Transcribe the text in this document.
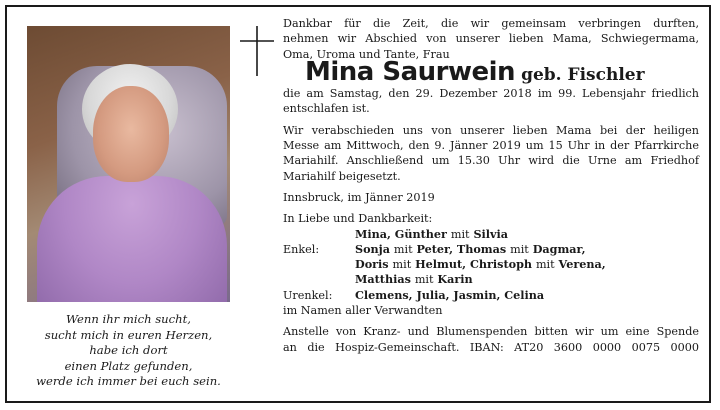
Wenn ihr mich sucht,
sucht mich in euren Herzen,
habe ich dort
einen Platz gefunden,
werde ich immer bei euch sein.
Dankbar für die Zeit, die wir gemeinsam verbringen durften,
nehmen wir Abschied von unserer lieben Mama, Schwiegermama,
Oma, Uroma und Tante, Frau
Mina Saurwein geb. Fischler
die am Samstag, den 29. Dezember 2018 im 99. Lebensjahr friedlich
entschlafen ist.
Wir verabschieden uns von unserer lieben Mama bei der heiligen
Messe am Mittwoch, den 9. Jänner 2019 um 15 Uhr in der Pfarrkirche
Mariahilf. Anschließend um 15.30 Uhr wird die Urne am Friedhof
Mariahilf beigesetzt.
Innsbruck, im Jänner 2019
In Liebe und Dankbarkeit:
Mina, Günther mit Silvia
Enkel:	Sonja mit Peter, Thomas mit Dagmar,
Doris mit Helmut, Christoph mit Verena,
Matthias mit Karin
Urenkel:	Clemens, Julia, Jasmin, Celina
im Namen aller Verwandten
Anstelle von Kranz- und Blumenspenden bitten wir um eine Spende
an die Hospiz-Gemeinschaft. IBAN: AT20 3600 0000 0075 0000
